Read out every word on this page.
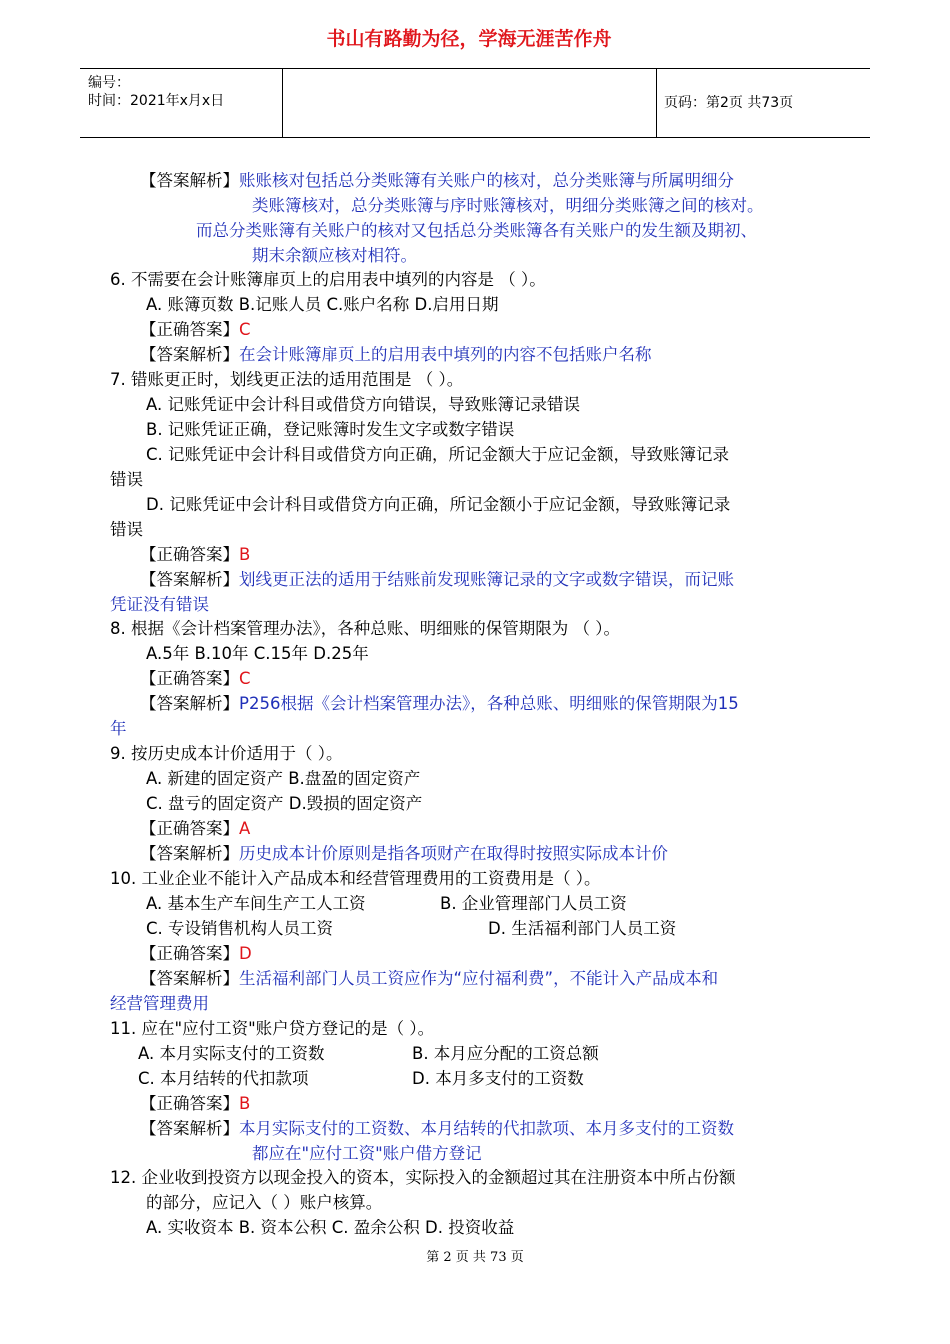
编号：
时间：2021年x月x日	页码：第2页 共73页
书山有路勤为径，学海无涯苦作舟
【答案解析】账账核对包括总分类账簿有关账户的核对，总分类账簿与所属明细分
类账簿核对，总分类账簿与序时账簿核对，明细分类账簿之间的核对。
而总分类账簿有关账户的核对又包括总分类账簿各有关账户的发生额及期初、
期末余额应核对相符。
6. 不需要在会计账簿扉页上的启用表中填列的内容是 （ ）。
A. 账簿页数 B.记账人员 C.账户名称 D.启用日期
【正确答案】C
【答案解析】在会计账簿扉页上的启用表中填列的内容不包括账户名称
7. 错账更正时，划线更正法的适用范围是 （ ）。
A. 记账凭证中会计科目或借贷方向错误，导致账簿记录错误
B. 记账凭证正确，登记账簿时发生文字或数字错误
C. 记账凭证中会计科目或借贷方向正确，所记金额大于应记金额，导致账簿记录
错误
D. 记账凭证中会计科目或借贷方向正确，所记金额小于应记金额，导致账簿记录
错误
【正确答案】B
【答案解析】划线更正法的适用于结账前发现账簿记录的文字或数字错误，而记账
凭证没有错误
8. 根据《会计档案管理办法》，各种总账、明细账的保管期限为 （ ）。
A.5年 B.10年 C.15年 D.25年
【正确答案】C
【答案解析】P256根据《会计档案管理办法》，各种总账、明细账的保管期限为15
年
9. 按历史成本计价适用于（ ）。
A. 新建的固定资产 B.盘盈的固定资产
C. 盘亏的固定资产 D.毁损的固定资产
【正确答案】A
【答案解析】历史成本计价原则是指各项财产在取得时按照实际成本计价
10. 工业企业不能计入产品成本和经营管理费用的工资费用是（ ）。
A. 基本生产车间生产工人工资	B. 企业管理部门人员工资
C. 专设销售机构人员工资	D. 生活福利部门人员工资
【正确答案】D
【答案解析】生活福利部门人员工资应作为“应付福利费”，不能计入产品成本和
经营管理费用
11. 应在"应付工资"账户贷方登记的是（ ）。
A. 本月实际支付的工资数	B. 本月应分配的工资总额
C. 本月结转的代扣款项	D. 本月多支付的工资数
【正确答案】B
【答案解析】本月实际支付的工资数、本月结转的代扣款项、本月多支付的工资数
都应在"应付工资"账户借方登记
12. 企业收到投资方以现金投入的资本，实际投入的金额超过其在注册资本中所占份额
的部分，应记入（ ）账户核算。
A. 实收资本 B. 资本公积 C. 盈余公积 D. 投资收益
第 2 页 共 73 页
